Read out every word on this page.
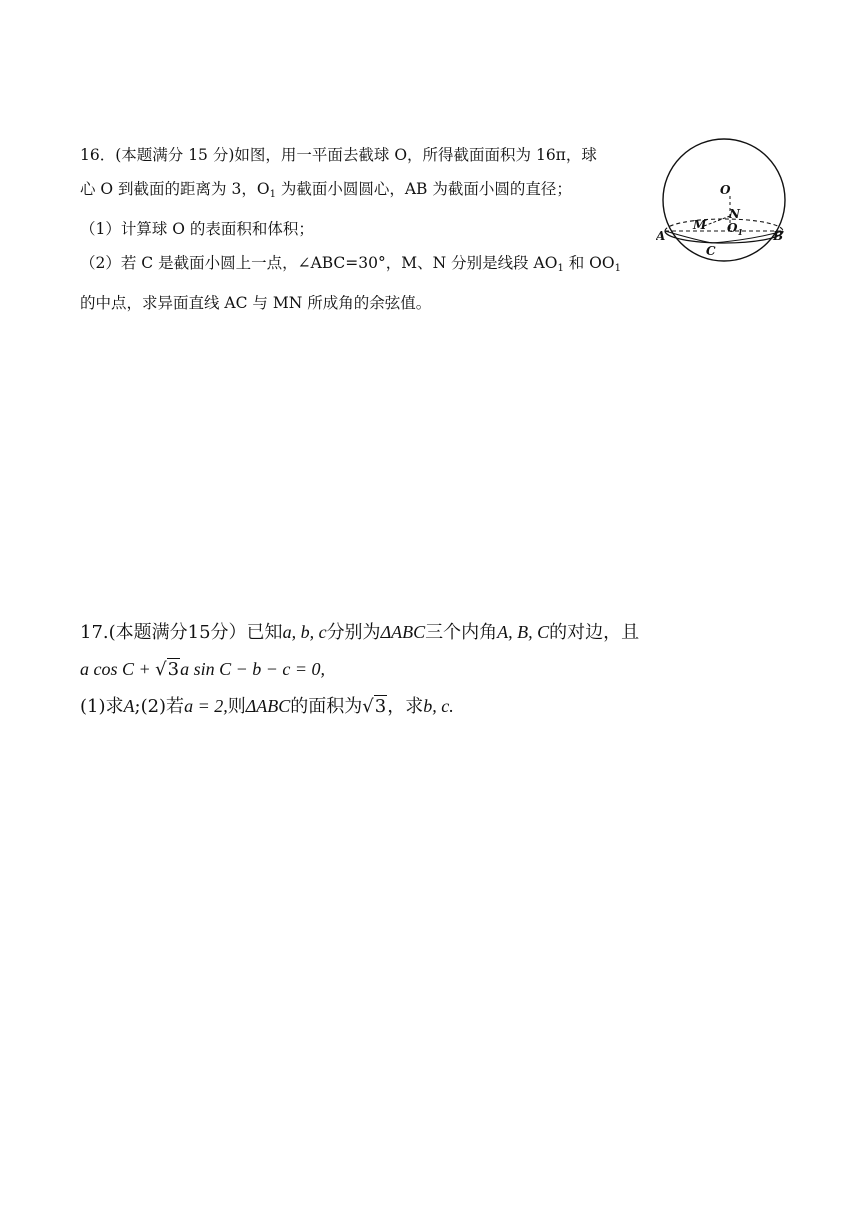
16．(本题满分 15 分)如图，用一平面去截球 O，所得截面面积为 16π，球
心 O 到截面的距离为 3，$O_1$ 为截面小圆圆心，AB 为截面小圆的直径；
（1）计算球 O 的表面积和体积；
（2）若 C 是截面小圆上一点，∠ABC=30°，M、N 分别是线段 $AO_1$ 和 $OO_1$
的中点，求异面直线 AC 与 MN 所成角的余弦值。
O
N
M $O_1$
A	B
C
17.(本题满分15分）已知a, b, c分别为ΔABC三个内角A, B, C的对边，且
a cos C + √3a sin C − b − c = 0,
(1)求A;(2)若a = 2,则ΔABC的面积为√3，求b, c.
